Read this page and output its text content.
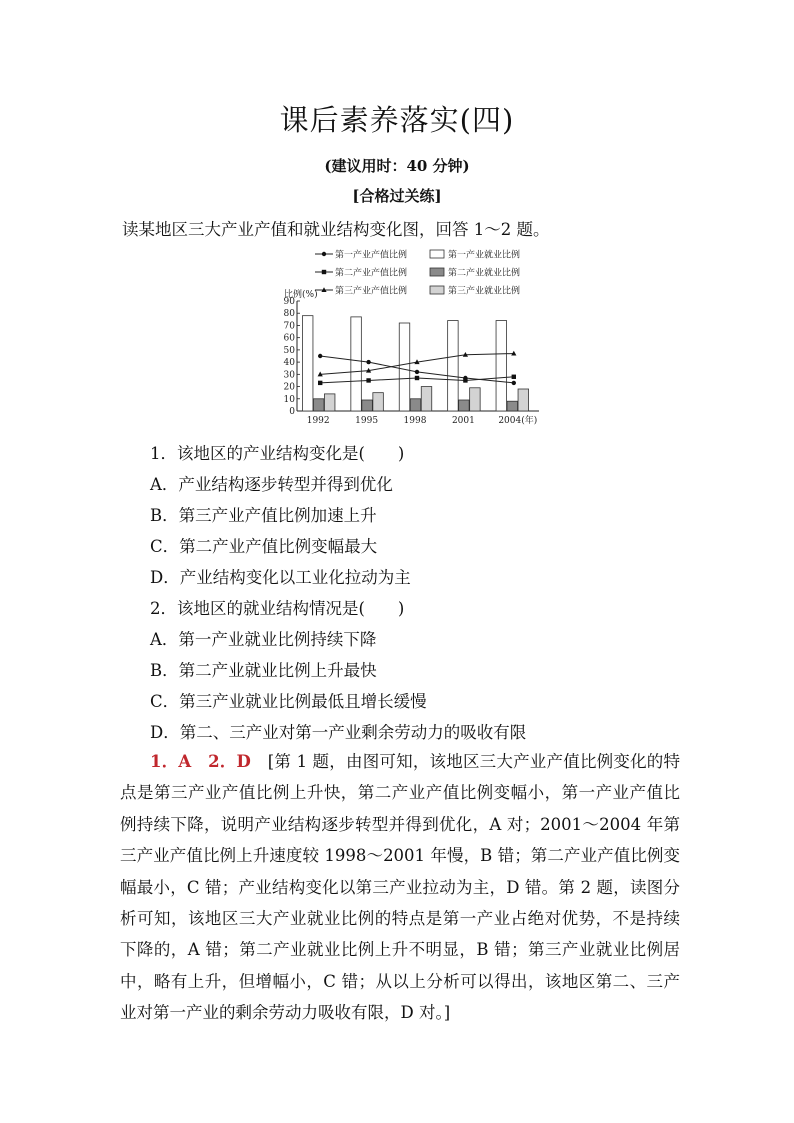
课后素养落实(四)
(建议用时：40 分钟)
[合格过关练]
读某地区三大产业产值和就业结构变化图，回答 1～2 题。
第一产业产值比例	第一产业就业比例
第二产业产值比例	第二产业就业比例
第三产业产值比例	第三产业就业比例
比例(%)
0
10
20
30
40
50
60
70
80
90
1992	1995	1998	2001	2004(年)
1．该地区的产业结构变化是(　　)
A．产业结构逐步转型并得到优化
B．第三产业产值比例加速上升
C．第二产业产值比例变幅最大
D．产业结构变化以工业化拉动为主
2．该地区的就业结构情况是(　　)
A．第一产业就业比例持续下降
B．第二产业就业比例上升最快
C．第三产业就业比例最低且增长缓慢
D．第二、三产业对第一产业剩余劳动力的吸收有限
1．A　2．D　 [第 1 题，由图可知，该地区三大产业产值比例变化的特点是第三产业产值比例上升快，第二产业产值比例变幅小，第一产业产值比例持续下降，说明产业结构逐步转型并得到优化，A 对；2001～2004 年第三产业产值比例上升速度较 1998～2001 年慢，B 错；第二产业产值比例变幅最小，C 错；产业结构变化以第三产业拉动为主，D 错。第 2 题，读图分析可知，该地区三大产业就业比例的特点是第一产业占绝对优势，不是持续下降的，A 错；第二产业就业比例上升不明显，B 错；第三产业就业比例居中，略有上升，但增幅小，C 错；从以上分析可以得出，该地区第二、三产业对第一产业的剩余劳动力吸收有限，D 对。]
